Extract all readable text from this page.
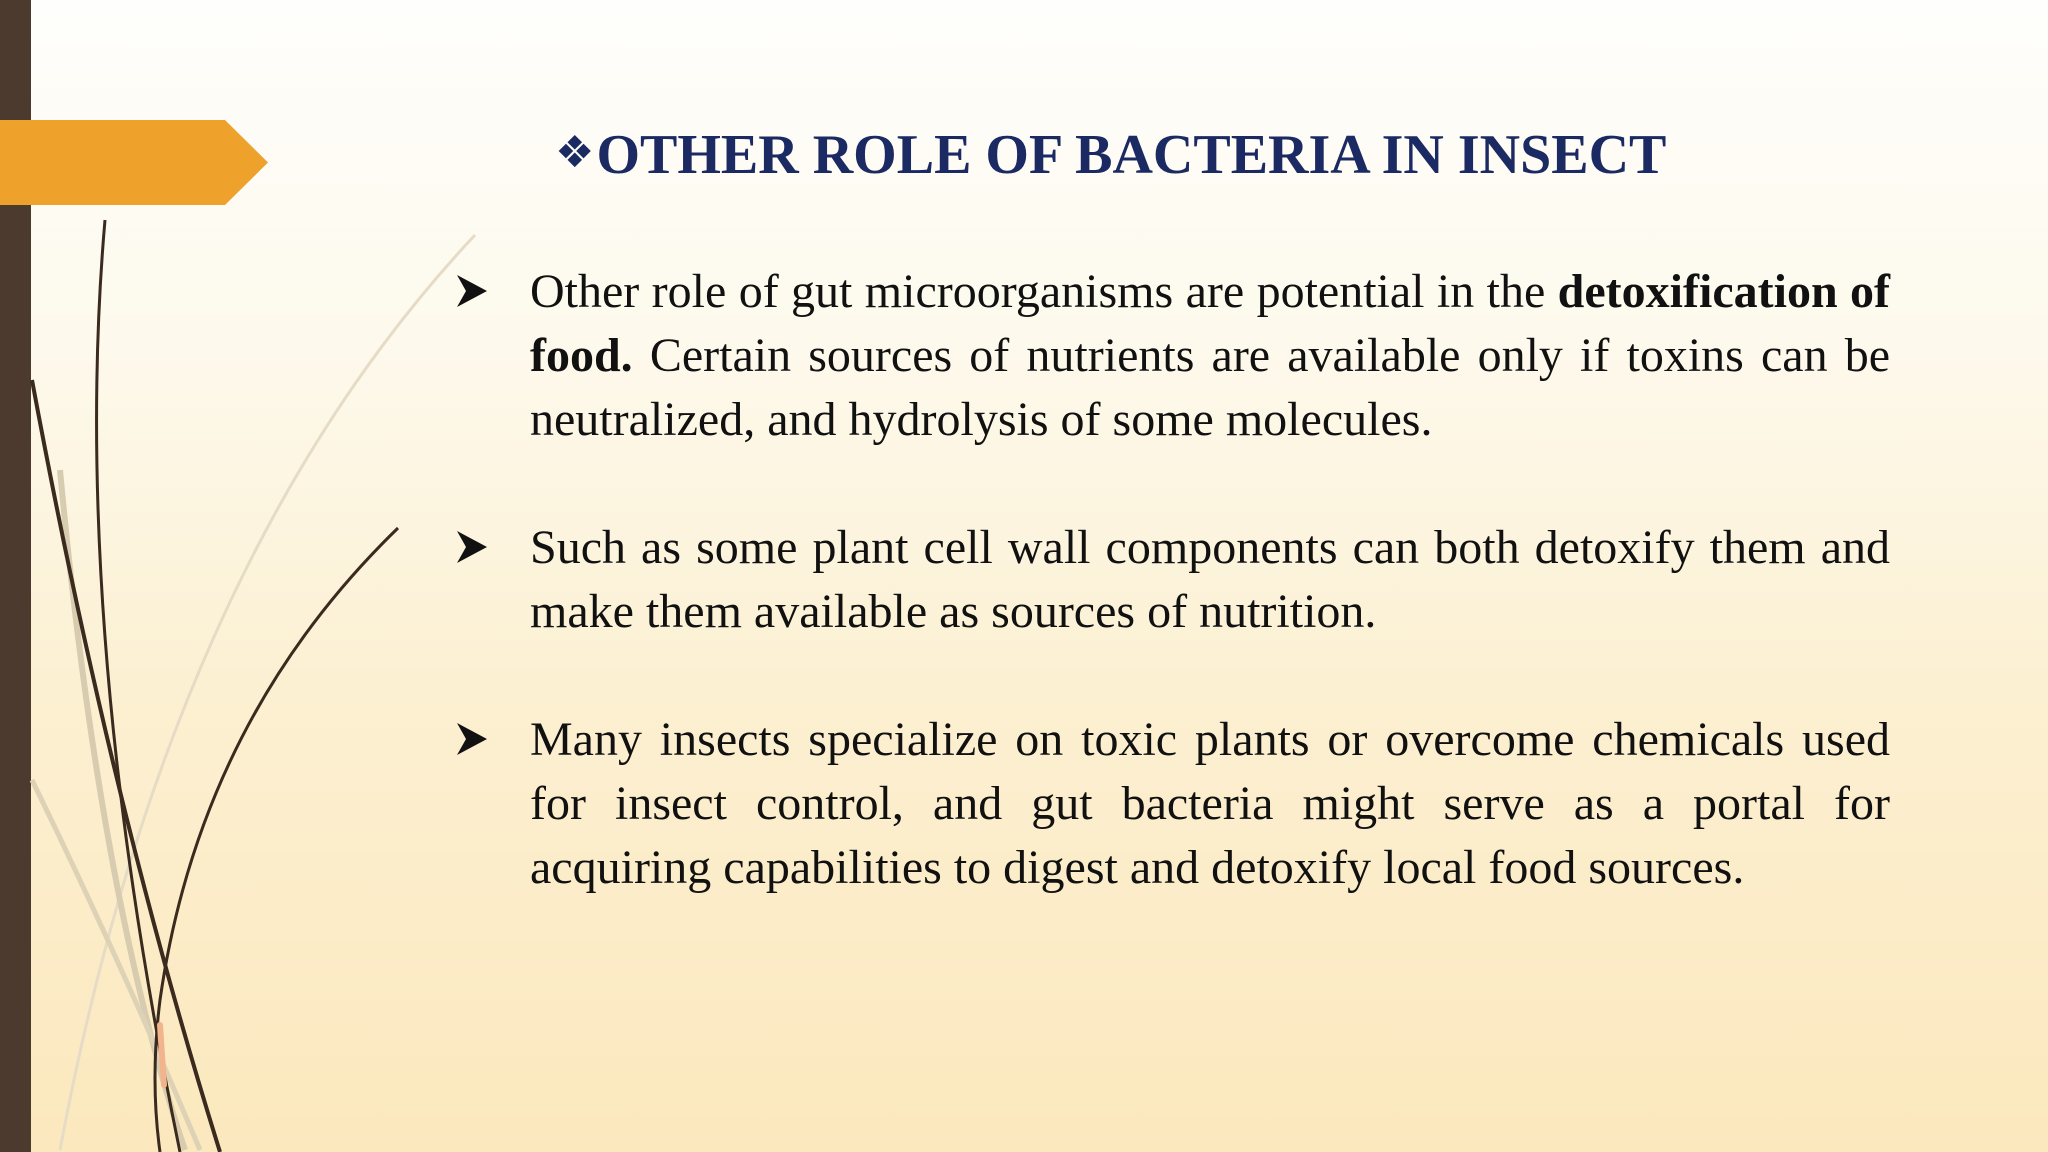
❖OTHER ROLE OF BACTERIA IN INSECT
Other role of gut microorganisms are potential in the detoxification of food. Certain sources of nutrients are available only if toxins can be neutralized, and hydrolysis of some molecules.
Such as some plant cell wall components can both detoxify them and make them available as sources of nutrition.
Many insects specialize on toxic plants or overcome chemicals used for insect control, and gut bacteria might serve as a portal for acquiring capabilities to digest and detoxify local food sources.
